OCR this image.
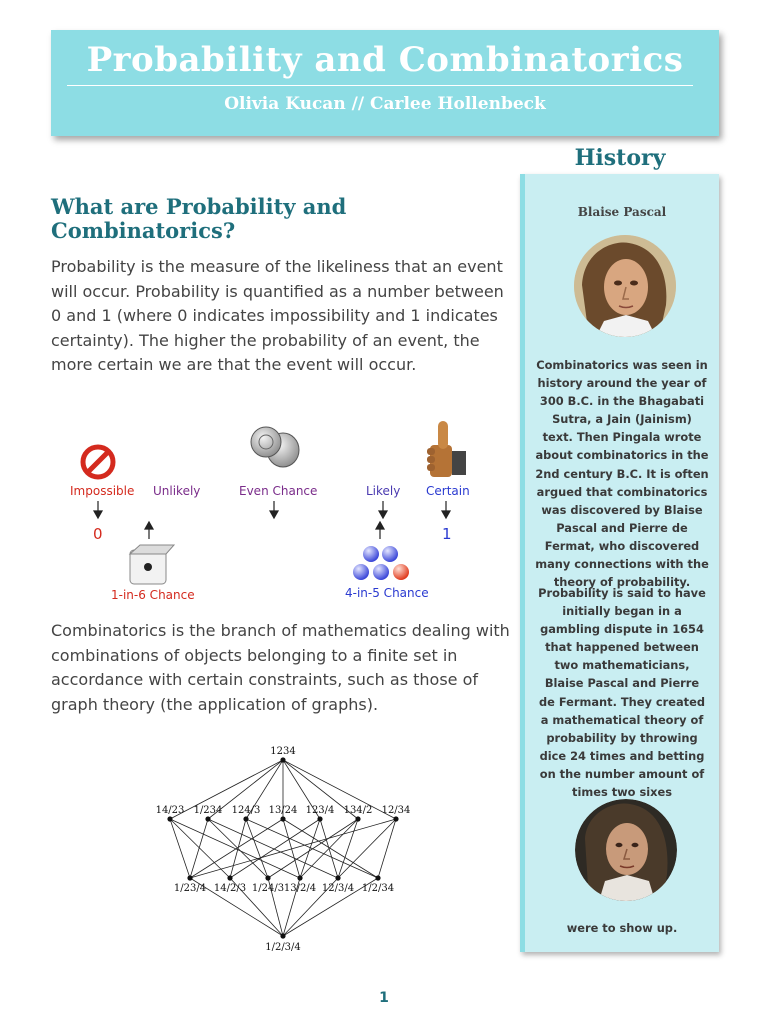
Probability and Combinatorics
Olivia Kucan // Carlee Hollenbeck
What are Probability and Combinatorics?
Probability is the measure of the likeliness that an event will occur. Probability is quantified as a number between 0 and 1 (where 0 indicates impossibility and 1 indicates certainty). The higher the probability of an event, the more certain we are that the event will occur.
Impossible Unlikely	Even Chance	Likely Certain
0	1
1-in-6 Chance	4-in-5 Chance
Combinatorics is the branch of mathematics dealing with combinations of objects belonging to a finite set in accordance with certain constraints, such as those of graph theory (the application of graphs).
1234
14/23 1/234 124/3 13/24 123/4 134/2 12/34
1/23/4 14/2/3 1/24/3 13/2/4 12/3/4 1/2/34
1/2/3/4
History
Blaise Pascal
Combinatorics was seen in history around the year of 300 B.C. in the Bhagabati Sutra, a Jain (Jainism) text. Then Pingala wrote about combinatorics in the 2nd century B.C. It is often argued that combinatorics was discovered by Blaise Pascal and Pierre de Fermat, who discovered many connections with the theory of probability.
Probability is said to have initially began in a gambling dispute in 1654 that happened between two mathematicians, Blaise Pascal and Pierre de Fermant. They created a mathematical theory of probability by throwing dice 24 times and betting on the number amount of times two sixes
were to show up.
1
